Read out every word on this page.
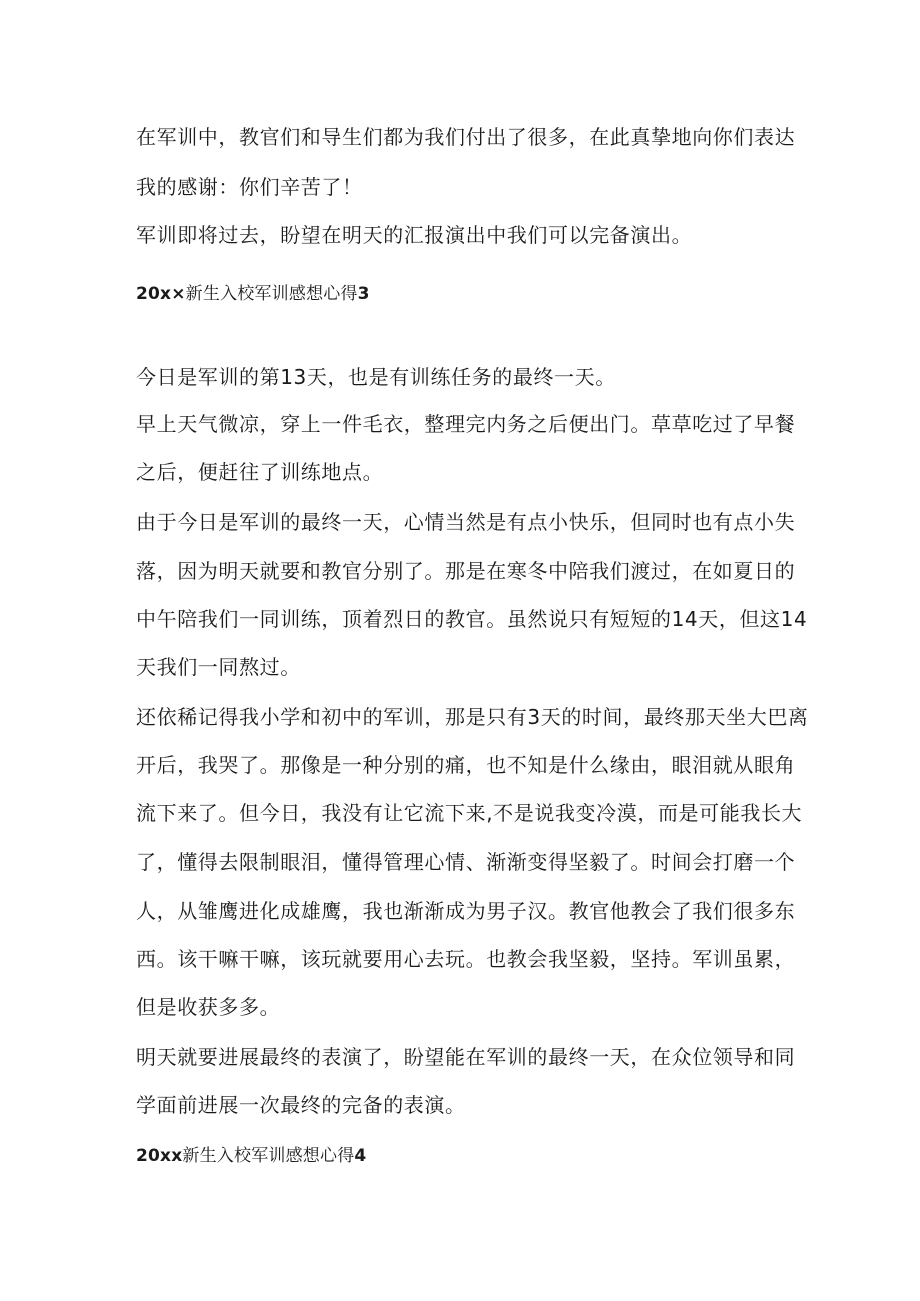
在军训中，教官们和导生们都为我们付出了很多，在此真挚地向你们表达
我的感谢：你们辛苦了！
军训即将过去，盼望在明天的汇报演出中我们可以完备演出。
20x×新生入校军训感想心得3
今日是军训的第13天，也是有训练任务的最终一天。
早上天气微凉，穿上一件毛衣，整理完内务之后便出门。草草吃过了早餐
之后，便赶往了训练地点。
由于今日是军训的最终一天，心情当然是有点小快乐，但同时也有点小失
落，因为明天就要和教官分别了。那是在寒冬中陪我们渡过，在如夏日的
中午陪我们一同训练，顶着烈日的教官。虽然说只有短短的14天，但这14
天我们一同熬过。
还依稀记得我小学和初中的军训，那是只有3天的时间，最终那天坐大巴离
开后，我哭了。那像是一种分别的痛，也不知是什么缘由，眼泪就从眼角
流下来了。但今日，我没有让它流下来,不是说我变冷漠，而是可能我长大
了，懂得去限制眼泪，懂得管理心情、渐渐变得坚毅了。时间会打磨一个
人，从雏鹰进化成雄鹰，我也渐渐成为男子汉。教官他教会了我们很多东
西。该干嘛干嘛，该玩就要用心去玩。也教会我坚毅，坚持。军训虽累，
但是收获多多。
明天就要进展最终的表演了，盼望能在军训的最终一天，在众位领导和同
学面前进展一次最终的完备的表演。
20xx新生入校军训感想心得4
